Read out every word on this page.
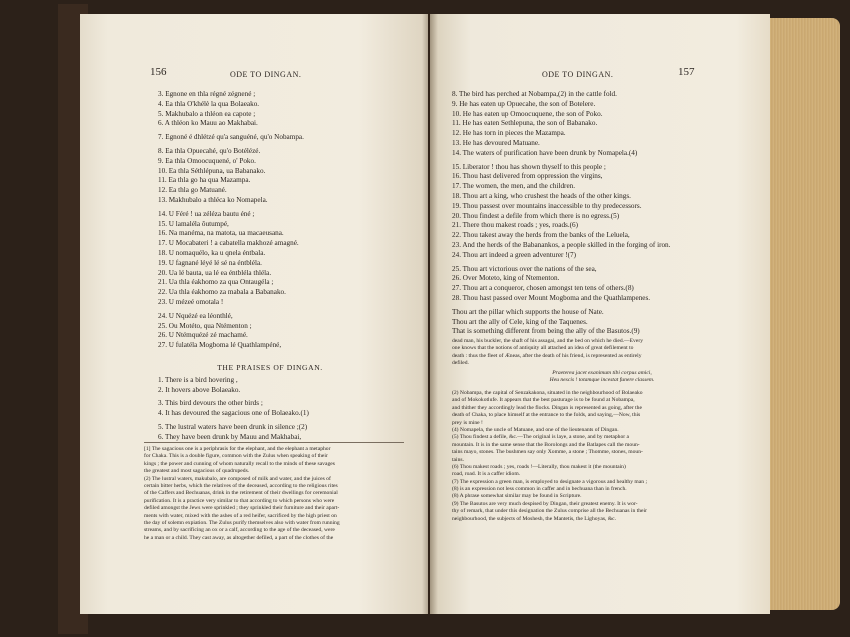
156	ODE TO DINGAN.
3. Egnone en thla régné zégnené ;
4. Ea thla O'khélè la qua Bolaeako.
5. Makhubalo a thléon ea capote ;
6. A thléon ko Mauu ao Makhabai.
7. Egnoné é dhlétzé qu'a sanguéné, qu'o Nobampa.
8. Ea thla Opuecahé, qu'o Botélézé.
9. Ea thla Omoocuquené, o' Poko.
10. Ea thla Séthlépuna, ua Babanako.
11. Ea thla go ha qua Mazampa.
12. Ea thla go Matuané.
13. Makhubalo a thléca ko Nomapela.
14. U Féré ! ua zéléza bautu éné ;
15. U lamaléla ôutumpé,
16. Na manéma, na matota, ua macaeusana.
17. U Mocabateri ! a cabatella makhozé amagné.
18. U nomaquélo, ka u qnela éntbala.
19. U fagnané léyé lé sé na éntbléla.
20. Ua lé bauta, ua lé ea éntbléla thléla.
21. Ua thla éakhomo za qua Ontaugéla ;
22. Ua thla éakhomo za mabala a Babanako.
23. U mézeé omotala !
24. U Nquézé ea léonthlé,
25. Ou Motéto, qua Ntémenton ;
26. U Ntémquézé zé machamé.
27. U fulatéla Mogboma lé Quathlampéné,
THE PRAISES OF DINGAN.
1. There is a bird hovering ,
2. It hovers above Bolaeako.
3. This bird devours the other birds ;
4. It has devoured the sagacious one of Bolaeako.(1)
5. The lustral waters have been drunk in silence ;(2)
6. They have been drunk by Mauu and Makhabai,
[1] The sagacious one is a periphrasis for the elephant, and the elephant a metaphor
for Chaka. This is a double figure, common with the Zulus when speaking of their
kings ; the power and cunning of whom naturally recall to the minds of these savages
the greatest and most sagacious of quadrupeds.
(2) The lustral waters, makubalo, are composed of milk and water, and the juices of
certain bitter herbs, which the relatives of the deceased, according to the religious rites
of the Caffers and Bechuanas, drink in the retirement of their dwellings for ceremonial
purification. It is a practice very similar to that according to which persons who were
defiled amongst the Jews were sprinkled ; they sprinkled their furniture and their apart-
ments with water, mixed with the ashes of a red heifer, sacrificed by the high priest on
the day of solemn expiation. The Zulus purify themselves also with water from running
streams, and by sacrificing an ox or a calf, according to the age of the deceased, were
he a man or a child. They cast away, as altogether defiled, a part of the clothes of the
ODE TO DINGAN.	157
8. The bird has perched at Nobampa,(2) in the cattle fold.
9. He has eaten up Opuecahe, the son of Botelere.
10. He has eaten up Omoocuquene, the son of Poko.
11. He has eaten Sethlepuna, the son of Babanako.
12. He has torn in pieces the Mazampa.
13. He has devoured Matuane.
14. The waters of purification have been drunk by Nomapela.(4)
15. Liberator ! thou has shown thyself to this people ;
16. Thou hast delivered from oppression the virgins,
17. The women, the men, and the children.
18. Thou art a king, who crushest the heads of the other kings.
19. Thou passest over mountains inaccessible to thy predecessors.
20. Thou findest a defile from which there is no egress.(5)
21. There thou makest roads ; yes, roads.(6)
22. Thou takest away the herds from the banks of the Leluela,
23. And the herds of the Babanankos, a people skilled in the forging of iron.
24. Thou art indeed a green adventurer !(7)
25. Thou art victorious over the nations of the sea,
26. Over Moteto, king of Ntementon.
27. Thou art a conqueror, chosen amongst ten tens of others.(8)
28. Thou hast passed over Mount Mogboma and the Quathlampenes.
Thou art the pillar which supports the house of Nate.
Thou art the ally of Cele, king of the Taquenes.
That is something different from being the ally of the Basutos.(9)
dead man, his buckler, the shaft of his assagai, and the bed on which he died.—Every
one knows that the notions of antiquity all attached an idea of great defilement to
death : thus the fleet of Æneas, after the death of his friend, is represented as entirely
defiled.
Praeterea jacet exanimum tibi corpus amici,
Heu nescis ! totamque incestat funere classem.
(2) Nobampa, the capital of Senzakakona, situated in the neighbourhood of Bolaeako
and of Mokokotlufe. It appears that the best pasturage is to be found at Nobampa,
and thither they accordingly lead the flocks. Dingan is represented as going, after the
death of Chaka, to place himself at the entrance to the folds, and saying,—Now, this
prey is mine !
(4) Nomapela, the uncle of Matuane, and one of the lieutenants of Dingan.
(5) Thou findest a defile, &c.—The original is laye, a stone, and by metaphor a
mountain. It is in the same sense that the Borolongs and the Batlapes call the moun-
tains mayo, stones. The bushmen say only Xomme, a stone ; Thomme, stones, moun-
tains.
(6) Thou makest roads ; yes, roads !—Literally, thou makest it (the mountain)
road, road. It is a caffer idiom.
(7) The expression a green man, is employed to designate a vigorous and healthy man ;
(8) is an expression not less common in caffer and in bechuana than in french.
(8) A phrase somewhat similar may be found in Scripture.
(9) The Basutos are very much despised by Dingan, their greatest enemy. It is wor-
thy of remark, that under this designation the Zulus comprise all the Bechuanas in their
neighbourhood, the subjects of Moshesh, the Mantetis, the Lighoyas, &c.
